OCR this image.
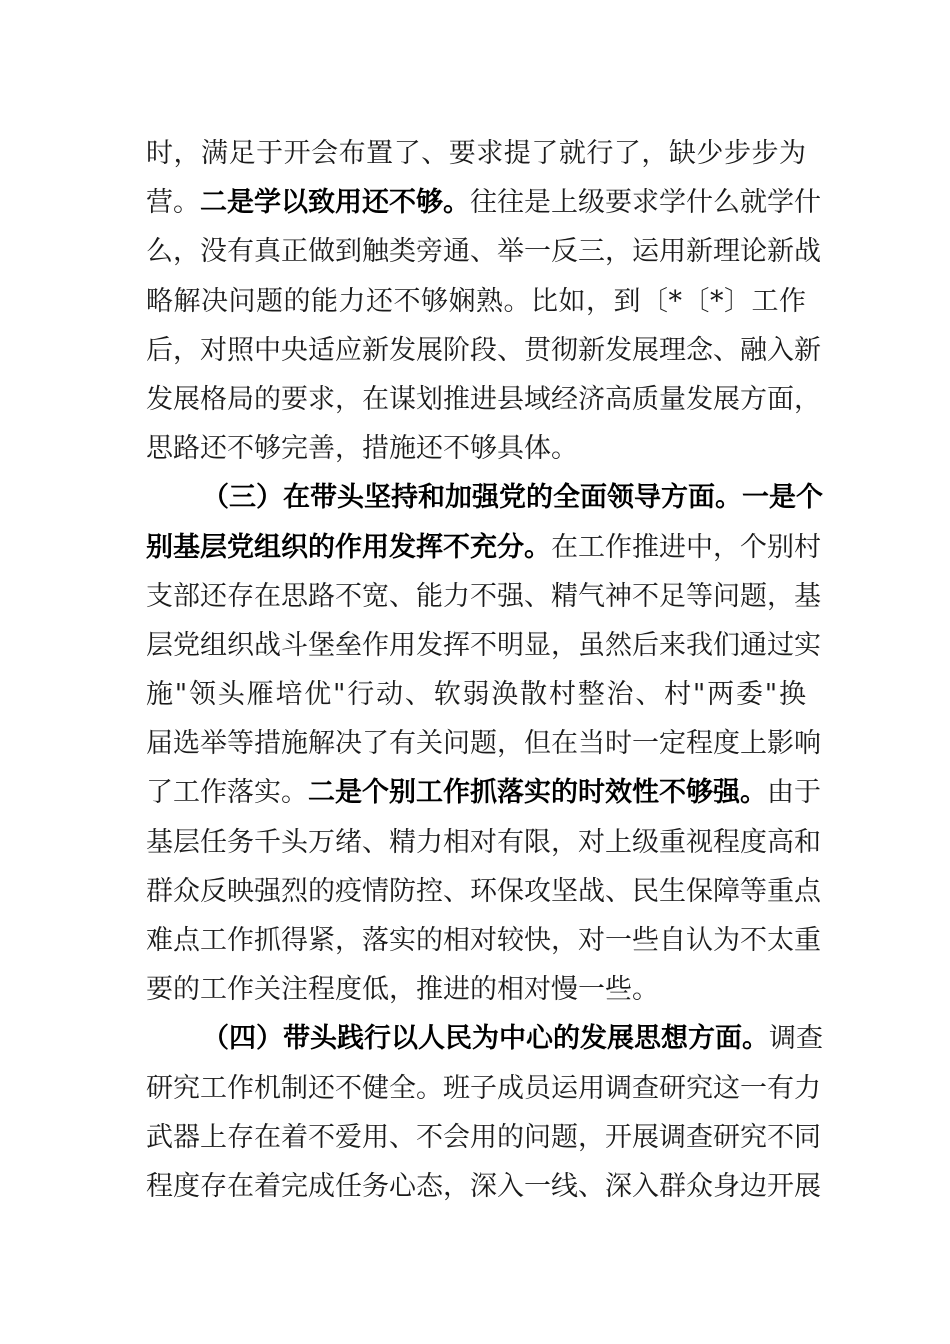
时，满足于开会布置了、要求提了就行了，缺少步步为
营。二是学以致用还不够。往往是上级要求学什么就学什
么，没有真正做到触类旁通、举一反三，运用新理论新战
略解决问题的能力还不够娴熟。比如，到〔*〔*〕工作
后，对照中央适应新发展阶段、贯彻新发展理念、融入新
发展格局的要求，在谋划推进县域经济高质量发展方面，
思路还不够完善，措施还不够具体。
（三）在带头坚持和加强党的全面领导方面。一是个
别基层党组织的作用发挥不充分。在工作推进中，个别村
支部还存在思路不宽、能力不强、精气神不足等问题，基
层党组织战斗堡垒作用发挥不明显，虽然后来我们通过实
施"领头雁培优"行动、软弱涣散村整治、村"两委"换
届选举等措施解决了有关问题，但在当时一定程度上影响
了工作落实。二是个别工作抓落实的时效性不够强。由于
基层任务千头万绪、精力相对有限，对上级重视程度高和
群众反映强烈的疫情防控、环保攻坚战、民生保障等重点
难点工作抓得紧，落实的相对较快，对一些自认为不太重
要的工作关注程度低，推进的相对慢一些。
（四）带头践行以人民为中心的发展思想方面。调查
研究工作机制还不健全。班子成员运用调查研究这一有力
武器上存在着不爱用、不会用的问题，开展调查研究不同
程度存在着完成任务心态，深入一线、深入群众身边开展
